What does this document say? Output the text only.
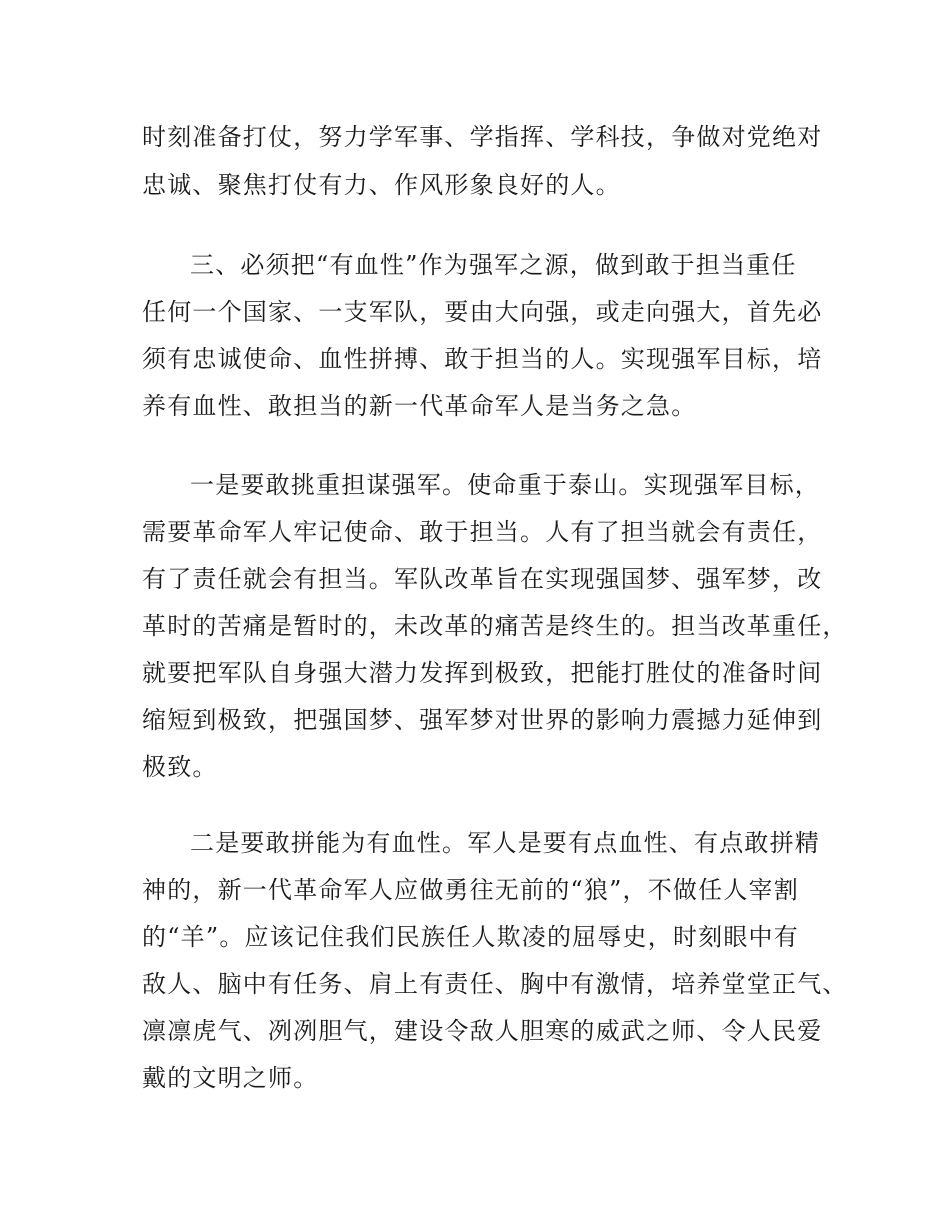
时刻准备打仗，努力学军事、学指挥、学科技，争做对党绝对
忠诚、聚焦打仗有力、作风形象良好的人。
三、必须把“有血性”作为强军之源，做到敢于担当重任
任何一个国家、一支军队，要由大向强，或走向强大，首先必
须有忠诚使命、血性拼搏、敢于担当的人。实现强军目标，培
养有血性、敢担当的新一代革命军人是当务之急。
一是要敢挑重担谋强军。使命重于泰山。实现强军目标，
需要革命军人牢记使命、敢于担当。人有了担当就会有责任，
有了责任就会有担当。军队改革旨在实现强国梦、强军梦，改
革时的苦痛是暂时的，未改革的痛苦是终生的。担当改革重任，
就要把军队自身强大潜力发挥到极致，把能打胜仗的准备时间
缩短到极致，把强国梦、强军梦对世界的影响力震撼力延伸到
极致。
二是要敢拼能为有血性。军人是要有点血性、有点敢拼精
神的，新一代革命军人应做勇往无前的“狼”，不做任人宰割
的“羊”。应该记住我们民族任人欺凌的屈辱史，时刻眼中有
敌人、脑中有任务、肩上有责任、胸中有激情，培养堂堂正气、
凛凛虎气、冽冽胆气，建设令敌人胆寒的威武之师、令人民爱
戴的文明之师。
